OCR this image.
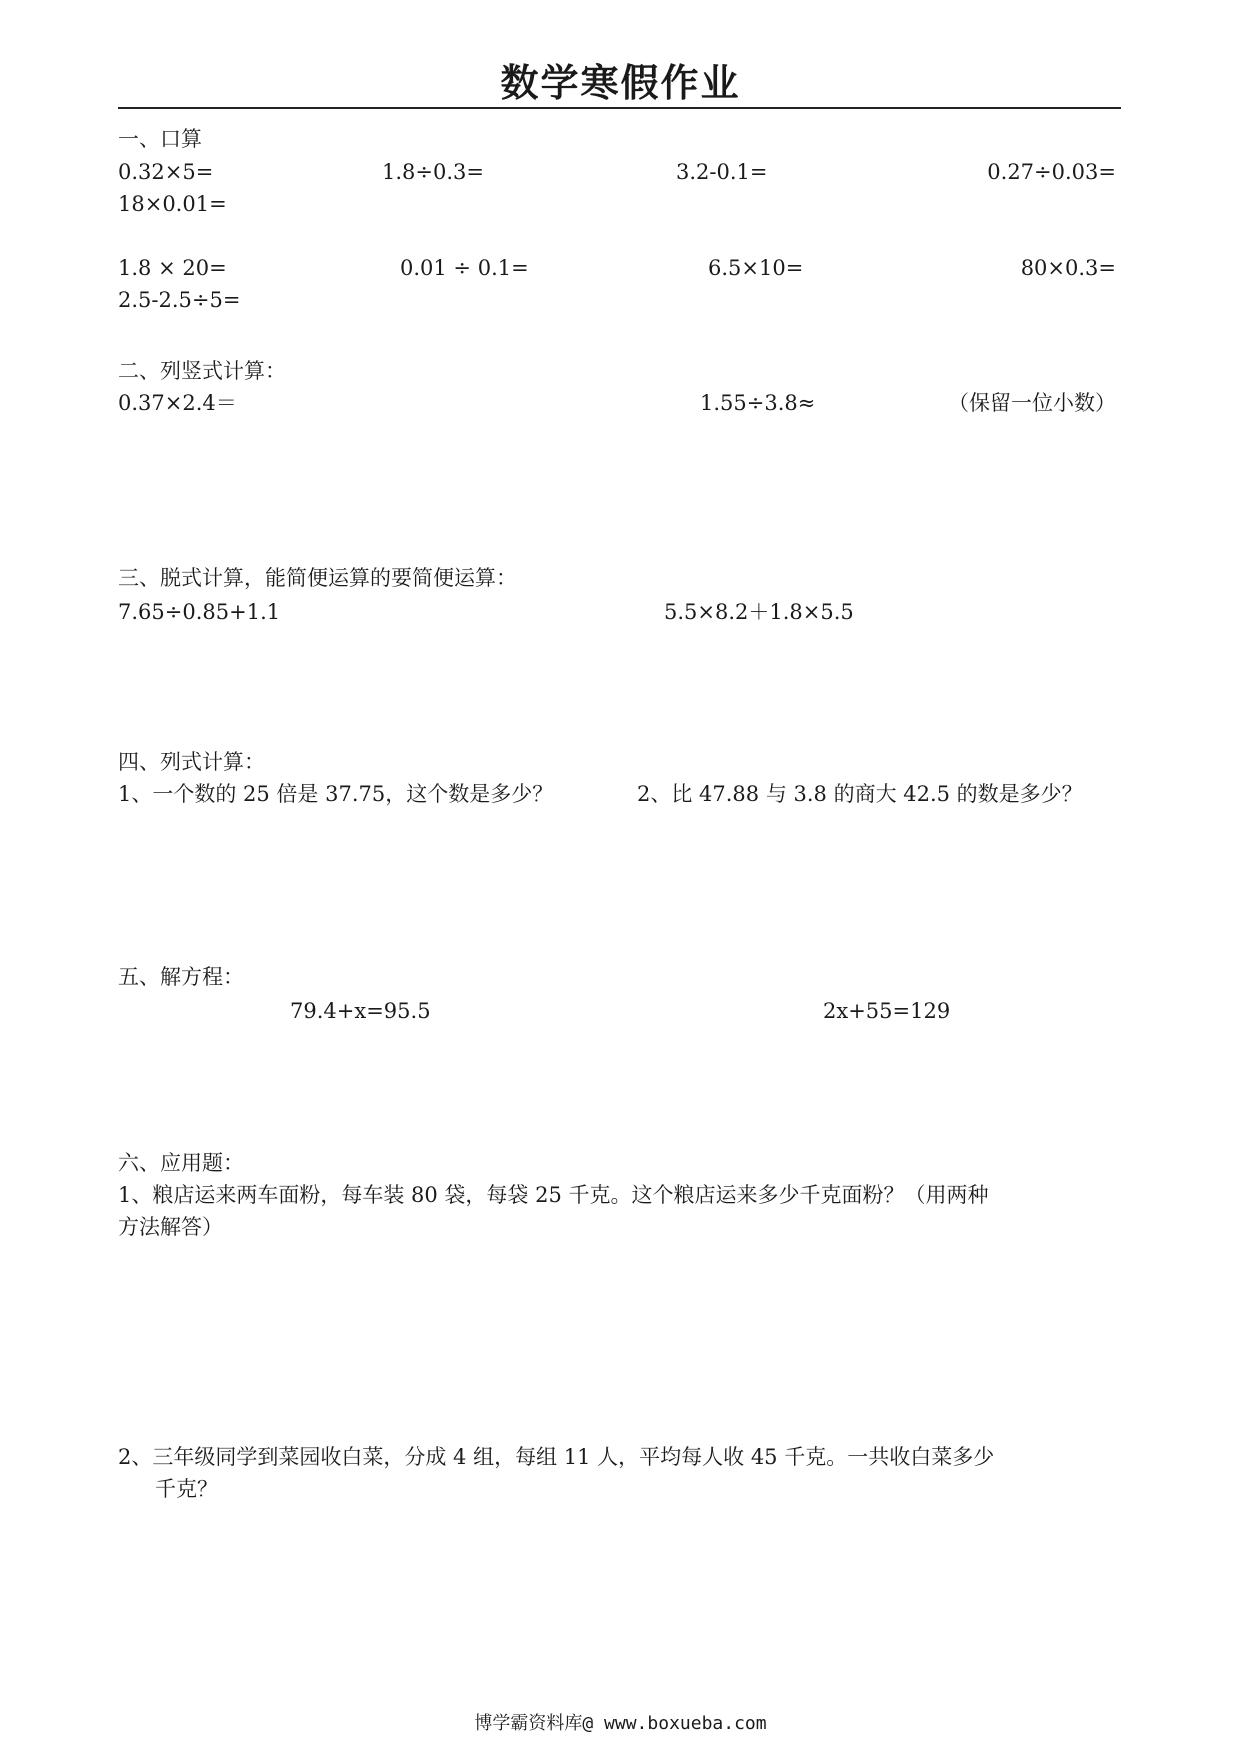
数学寒假作业
一、口算
0.32×5=	1.8÷0.3=	3.2-0.1=	0.27÷0.03=
18×0.01=
1.8 × 20=	0.01 ÷ 0.1=	6.5×10=	80×0.3=
2.5-2.5÷5=
二、列竖式计算：
0.37×2.4＝	1.55÷3.8≈	（保留一位小数）
三、脱式计算，能简便运算的要简便运算：
7.65÷0.85+1.1	5.5×8.2＋1.8×5.5
四、列式计算：
1、一个数的 25 倍是 37.75，这个数是多少？	2、比 47.88 与 3.8 的商大 42.5 的数是多少？
五、解方程：
79.4+x=95.5	2x+55=129
六、应用题：
1、粮店运来两车面粉，每车装 80 袋，每袋 25 千克。这个粮店运来多少千克面粉？（用两种
方法解答）
2、三年级同学到菜园收白菜，分成 4 组，每组 11 人，平均每人收 45 千克。一共收白菜多少
千克？
博学霸资料库@ www.boxueba.com
